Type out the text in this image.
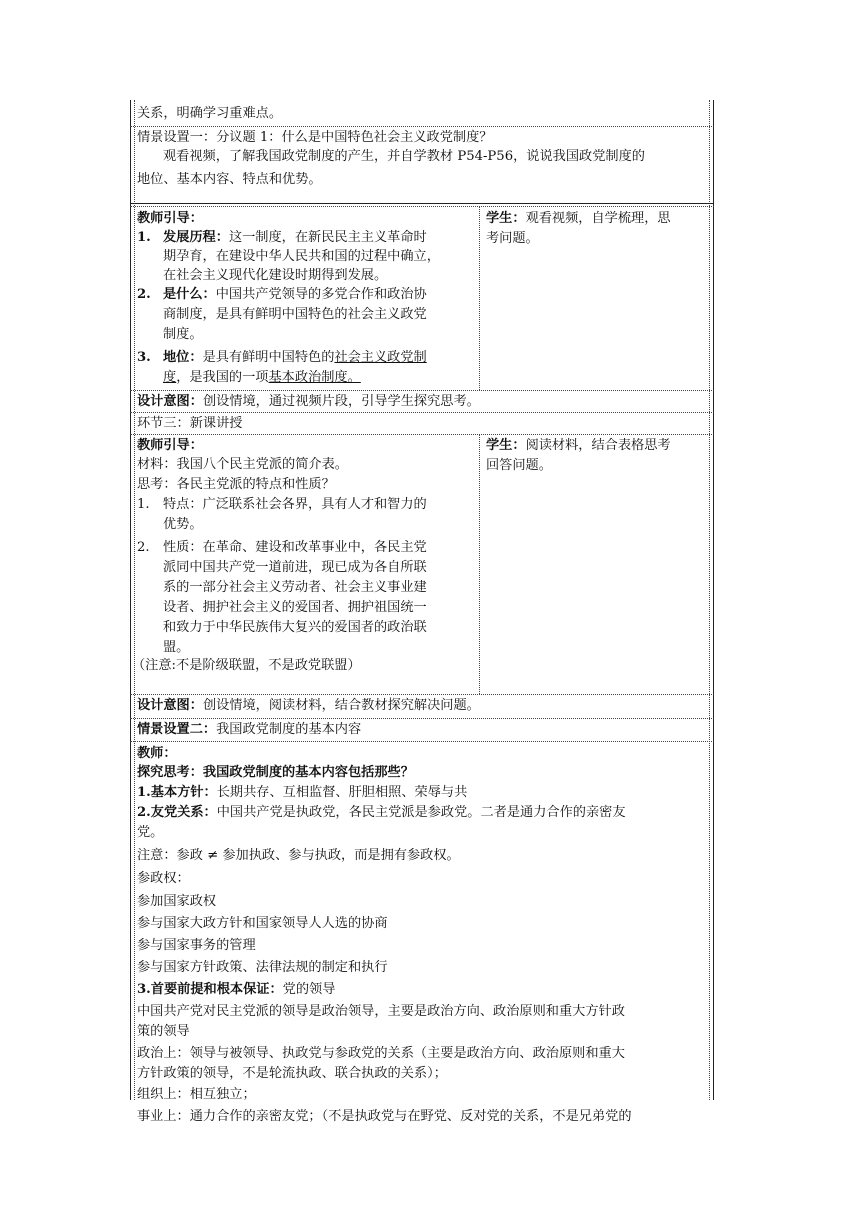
关系，明确学习重难点。
情景设置一：分议题 1：什么是中国特色社会主义政党制度？
观看视频，了解我国政党制度的产生，并自学教材 P54-P56，说说我国政党制度的
地位、基本内容、特点和优势。
教师引导：
1. 发展历程：这一制度，在新民民主主义革命时
期孕育，在建设中华人民共和国的过程中确立，
在社会主义现代化建设时期得到发展。
2. 是什么：中国共产党领导的多党合作和政治协
商制度，是具有鲜明中国特色的社会主义政党
制度。
3. 地位：是具有鲜明中国特色的社会主义政党制
度，是我国的一项基本政治制度。
学生：观看视频，自学梳理，思
考问题。
设计意图：创设情境，通过视频片段，引导学生探究思考。
环节三：新课讲授
教师引导：
材料：我国八个民主党派的简介表。
思考：各民主党派的特点和性质？
1. 特点：广泛联系社会各界，具有人才和智力的
优势。
2. 性质：在革命、建设和改革事业中，各民主党
派同中国共产党一道前进，现已成为各自所联
系的一部分社会主义劳动者、社会主义事业建
设者、拥护社会主义的爱国者、拥护祖国统一
和致力于中华民族伟大复兴的爱国者的政治联
盟。
（注意:不是阶级联盟，不是政党联盟）
学生：阅读材料，结合表格思考
回答问题。
设计意图：创设情境，阅读材料，结合教材探究解决问题。
情景设置二：我国政党制度的基本内容
教师：
探究思考：我国政党制度的基本内容包括那些？
1.基本方针：长期共存、互相监督、肝胆相照、荣辱与共
2.友党关系：中国共产党是执政党，各民主党派是参政党。二者是通力合作的亲密友
党。
注意：参政 ≠ 参加执政、参与执政，而是拥有参政权。
参政权：
参加国家政权
参与国家大政方针和国家领导人人选的协商
参与国家事务的管理
参与国家方针政策、法律法规的制定和执行
3.首要前提和根本保证：党的领导
中国共产党对民主党派的领导是政治领导，主要是政治方向、政治原则和重大方针政
策的领导
政治上：领导与被领导、执政党与参政党的关系（主要是政治方向、政治原则和重大
方针政策的领导，不是轮流执政、联合执政的关系）；
组织上：相互独立；
事业上：通力合作的亲密友党；（不是执政党与在野党、反对党的关系，不是兄弟党的
